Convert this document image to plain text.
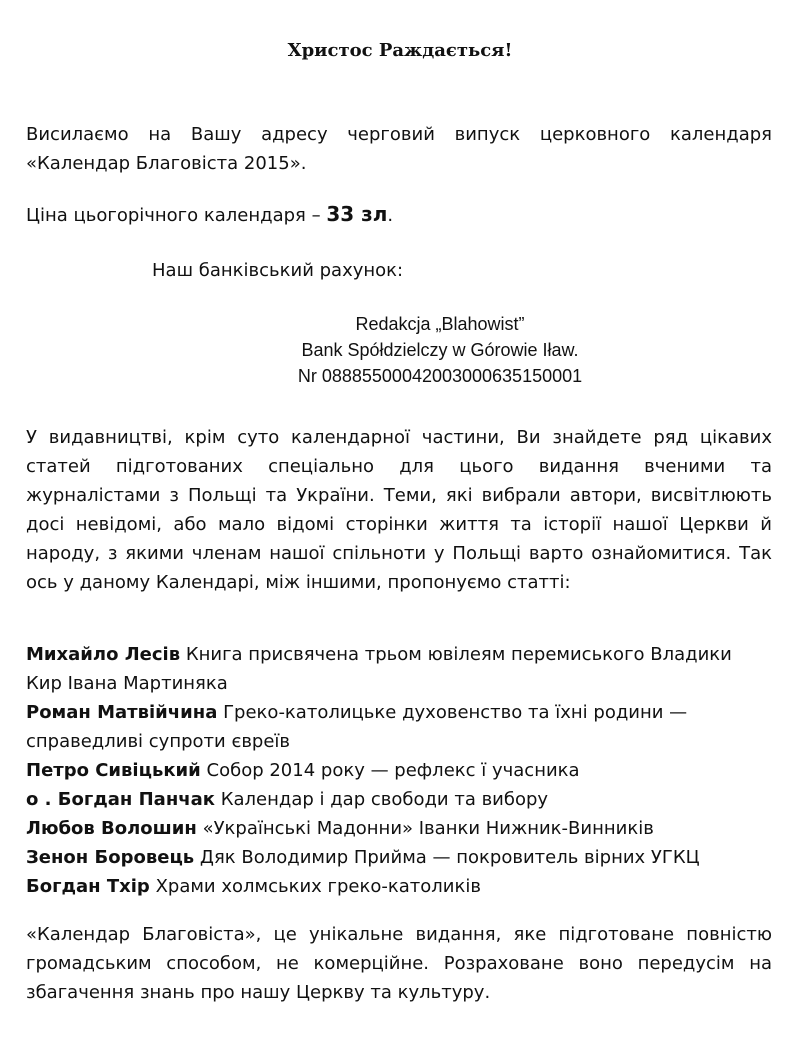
Христос Раждається!
Висилаємо на Вашу адресу черговий випуск церковного календаря «Календар Благовіста 2015».
Ціна цьогорічного календаря – 33 зл.
Наш банківський рахунок:
Redakcja „Blahowist”
Bank Spółdzielczy w Górowie Iław.
Nr 08885500042003000635150001
У видавництві, крім суто календарної частини, Ви знайдете ряд цікавих статей підготованих спеціально для цього видання вченими та журналістами з Польщі та України. Теми, які вибрали автори, висвітлюють досі невідомі, або мало відомі сторінки життя та історії нашої Церкви й народу, з якими членам нашої спільноти у Польщі варто ознайомитися. Так ось у даному Календарі, між іншими, пропонуємо статті:
Михайло Лесів Книга присвячена трьом ювілеям перемиського Владики
Кир Івана Мартиняка
Роман Матвійчина Греко-католицьке духовенство та їхні родини —
справедливі супроти євреїв
Петро Сивіцький Собор 2014 року — рефлекс ї учасника
о . Богдан Панчак Календар і дар свободи та вибору
Любов Волошин «Українські Мадонни» Іванки Нижник-Винників
Зенон Боровець Дяк Володимир Прийма — покровитель вірних УГКЦ
Богдан Тхір Храми холмських греко-католиків
«Календар Благовіста», це унікальне видання, яке підготоване повністю громадським способом, не комерційне. Розраховане воно передусім на збагачення знань про нашу Церкву та культуру.
